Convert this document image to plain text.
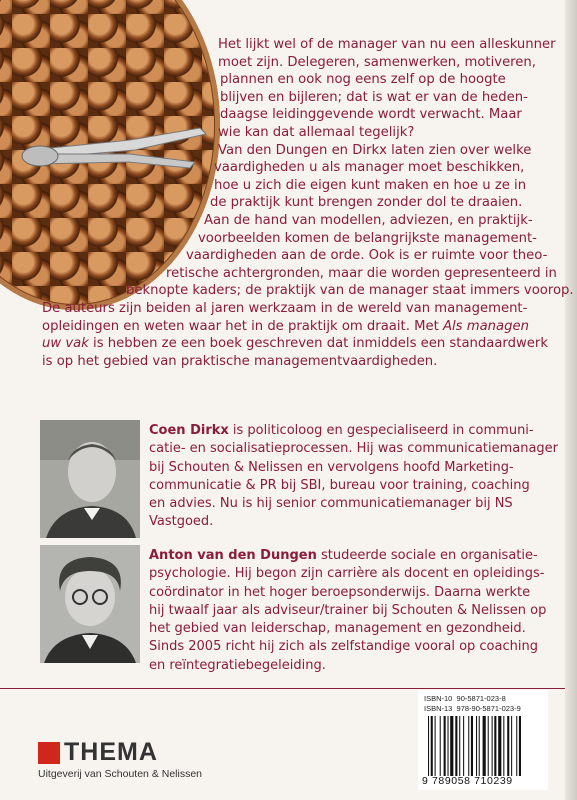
Het lijkt wel of de manager van nu een alleskunner
moet zijn. Delegeren, samenwerken, motiveren,
plannen en ook nog eens zelf op de hoogte
blijven en bijleren; dat is wat er van de heden-
daagse leidinggevende wordt verwacht. Maar
wie kan dat allemaal tegelijk?
Van den Dungen en Dirkx laten zien over welke
vaardigheden u als manager moet beschikken,
hoe u zich die eigen kunt maken en hoe u ze in
de praktijk kunt brengen zonder dol te draaien.
Aan de hand van modellen, adviezen, en praktijk-
voorbeelden komen de belangrijkste management-
vaardigheden aan de orde. Ook is er ruimte voor theo-
retische achtergronden, maar die worden gepresenteerd in
beknopte kaders; de praktijk van de manager staat immers voorop.
De auteurs zijn beiden al jaren werkzaam in de wereld van management-
opleidingen en weten waar het in de praktijk om draait. Met Als managen
uw vak is hebben ze een boek geschreven dat inmiddels een standaardwerk
is op het gebied van praktische managementvaardigheden.
Coen Dirkx is politicoloog en gespecialiseerd in communi-
catie- en socialisatieprocessen. Hij was communicatiemanager
bij Schouten & Nelissen en vervolgens hoofd Marketing-
communicatie & PR bij SBI, bureau voor training, coaching
en advies. Nu is hij senior communicatiemanager bij NS
Vastgoed.
Anton van den Dungen studeerde sociale en organisatie-
psychologie. Hij begon zijn carrière als docent en opleidings-
coördinator in het hoger beroepsonderwijs. Daarna werkte
hij twaalf jaar als adviseur/trainer bij Schouten & Nelissen op
het gebied van leiderschap, management en gezondheid.
Sinds 2005 richt hij zich als zelfstandige vooral op coaching
en reïntegratiebegeleiding.
THEMA
Uitgeverij van Schouten & Nelissen
ISBN-10 90-5871-023-8
ISBN-13 978-90-5871-023-9
9 789058 710239
